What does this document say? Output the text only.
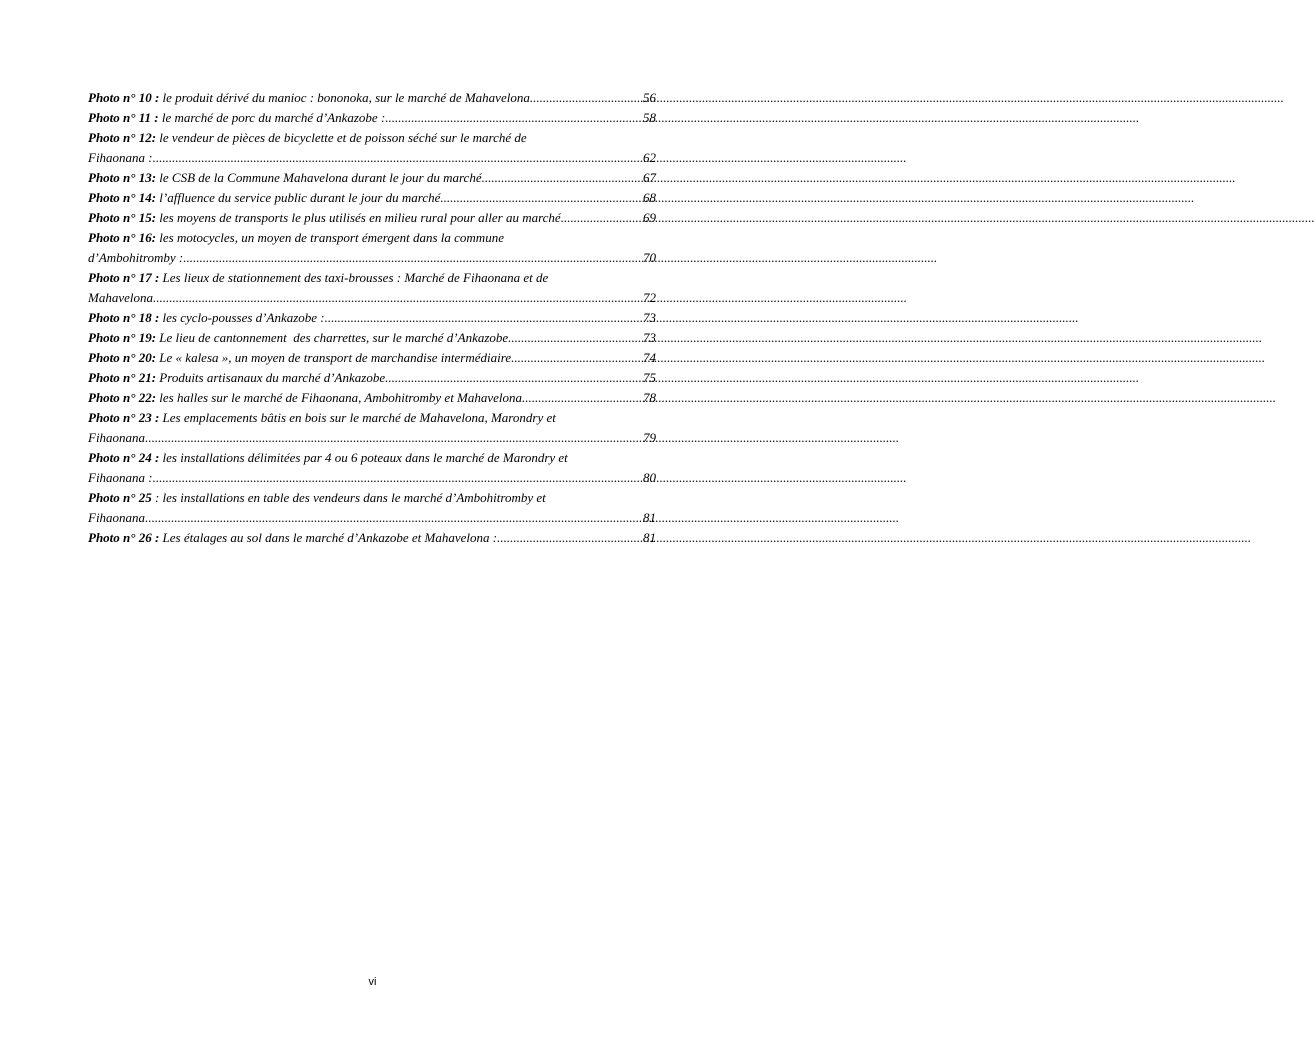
Photo n° 10 : le produit dérivé du manioc : bononoka, sur le marché de Mahavelona .....	56
Photo n° 11 : le marché de porc du marché d’Ankazobe : .....	58
Photo n° 12: le vendeur de pièces de bicyclette et de poisson séché sur le marché de
Fihaonana : .....	62
Photo n° 13: le CSB de la Commune Mahavelona durant le jour du marché .....	67
Photo n° 14: l’affluence du service public durant le jour du marché .....	68
Photo n° 15: les moyens de transports le plus utilisés en milieu rural pour aller au marché .....	69
Photo n° 16: les motocycles, un moyen de transport émergent dans la commune
d’Ambohitromby : .....	70
Photo n° 17 : Les lieux de stationnement des taxi-brousses : Marché de Fihaonana et de
Mahavelona .....	72
Photo n° 18 : les cyclo-pousses d’Ankazobe : .....	73
Photo n° 19: Le lieu de cantonnement  des charrettes, sur le marché d’Ankazobe .....	73
Photo n° 20: Le « kalesa », un moyen de transport de marchandise intermédiaire .....	74
Photo n° 21: Produits artisanaux du marché d’Ankazobe .....	75
Photo n° 22: les halles sur le marché de Fihaonana, Ambohitromby et Mahavelona .....	78
Photo n° 23 : Les emplacements bâtis en bois sur le marché de Mahavelona, Marondry et
Fihaonana .....	79
Photo n° 24 : les installations délimitées par 4 ou 6 poteaux dans le marché de Marondry et
Fihaonana : .....	80
Photo n° 25 : les installations en table des vendeurs dans le marché d’Ambohitromby et
Fihaonana .....	81
Photo n° 26 : Les étalages au sol dans le marché d’Ankazobe et Mahavelona : .....	81
vi
